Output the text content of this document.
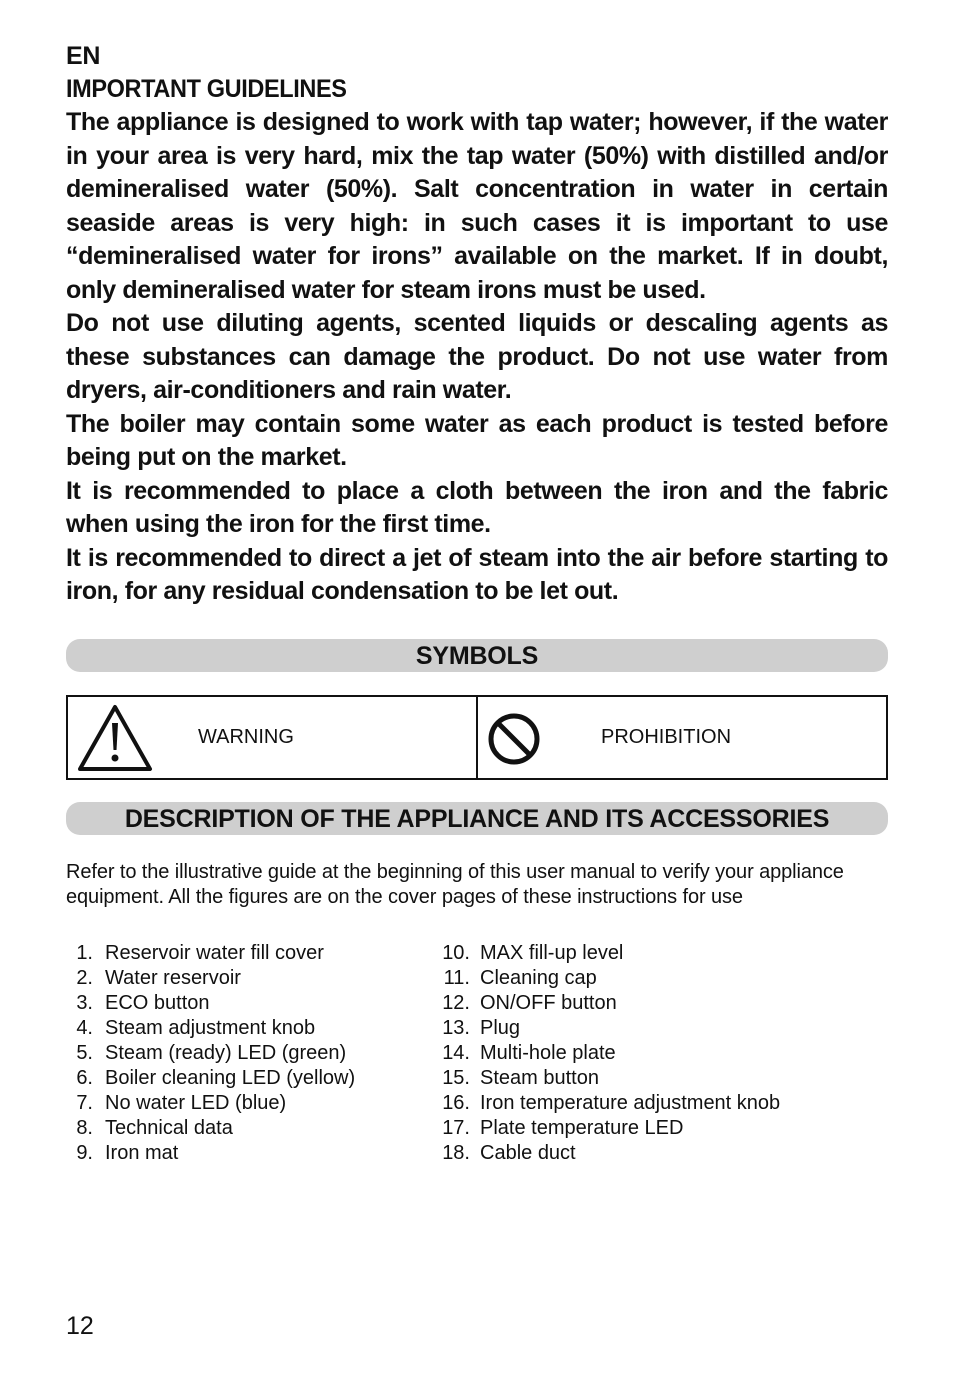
EN
IMPORTANT GUIDELINES

The appliance is designed to work with tap water; however, if the water in your area is very hard, mix the tap water (50%) with distilled and/or demineralised water (50%). Salt concentration in water in certain seaside areas is very high: in such cases it is important to use “demineralised water for irons” available on the market. If in doubt, only demineralised water for steam irons must be used.

Do not use diluting agents, scented liquids or descaling agents as these substances can damage the product. Do not use water from dryers, air-conditioners and rain water.

The boiler may contain some water as each product is tested before being put on the market.

It is recommended to place a cloth between the iron and the fabric when using the iron for the first time.

It is recommended to direct a jet of steam into the air before starting to iron, for any residual condensation to be let out.

SYMBOLS
WARNING	PROHIBITION
DESCRIPTION OF THE APPLIANCE AND ITS ACCESSORIES
Refer to the illustrative guide at the beginning of this user manual to verify your appliance equipment. All the figures are on the cover pages of these instructions for use
1. Reservoir water fill cover
2. Water reservoir
3. ECO button
4. Steam adjustment knob
5. Steam (ready) LED (green)
6. Boiler cleaning LED (yellow)
7. No water LED (blue)
8. Technical data
9. Iron mat
10. MAX fill-up level
11. Cleaning cap
12. ON/OFF button
13. Plug
14. Multi-hole plate
15. Steam button
16. Iron temperature adjustment knob
17. Plate temperature LED
18. Cable duct
12
